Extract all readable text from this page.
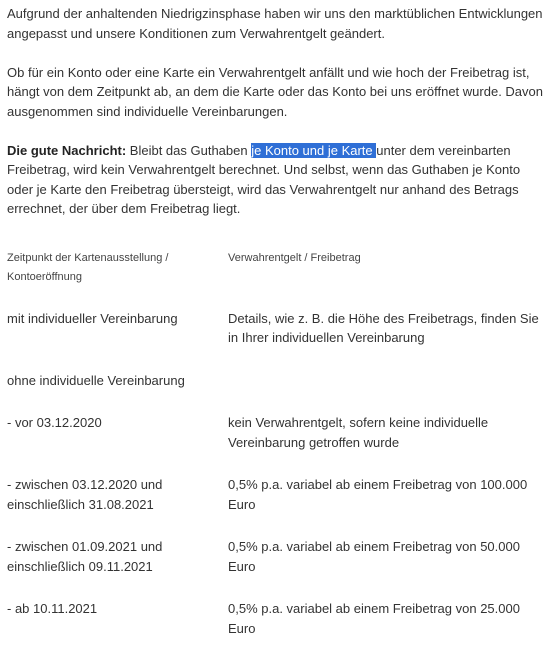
Aufgrund der anhaltenden Niedrigzinsphase haben wir uns den marktüblichen Entwicklungen angepasst und unsere Konditionen zum Verwahrentgelt geändert.

Ob für ein Konto oder eine Karte ein Verwahrentgelt anfällt und wie hoch der Freibetrag ist, hängt von dem Zeitpunkt ab, an dem die Karte oder das Konto bei uns eröffnet wurde. Davon ausgenommen sind individuelle Vereinbarungen.

Die gute Nachricht: Bleibt das Guthaben je Konto und je Karte unter dem vereinbarten Freibetrag, wird kein Verwahrentgelt berechnet. Und selbst, wenn das Guthaben je Konto oder je Karte den Freibetrag übersteigt, wird das Verwahrentgelt nur anhand des Betrags errechnet, der über dem Freibetrag liegt.

Zeitpunkt der Kartenausstellung / Kontoeröffnung	Verwahrentgelt / Freibetrag
mit individueller Vereinbarung	Details, wie z. B. die Höhe des Freibetrags, finden Sie in Ihrer individuellen Vereinbarung
ohne individuelle Vereinbarung	
- vor 03.12.2020	kein Verwahrentgelt, sofern keine individuelle Vereinbarung getroffen wurde
- zwischen 03.12.2020 und einschließlich 31.08.2021	0,5% p.a. variabel ab einem Freibetrag von 100.000 Euro
- zwischen 01.09.2021 und einschließlich 09.11.2021	0,5% p.a. variabel ab einem Freibetrag von 50.000 Euro
- ab 10.11.2021	0,5% p.a. variabel ab einem Freibetrag von 25.000 Euro
